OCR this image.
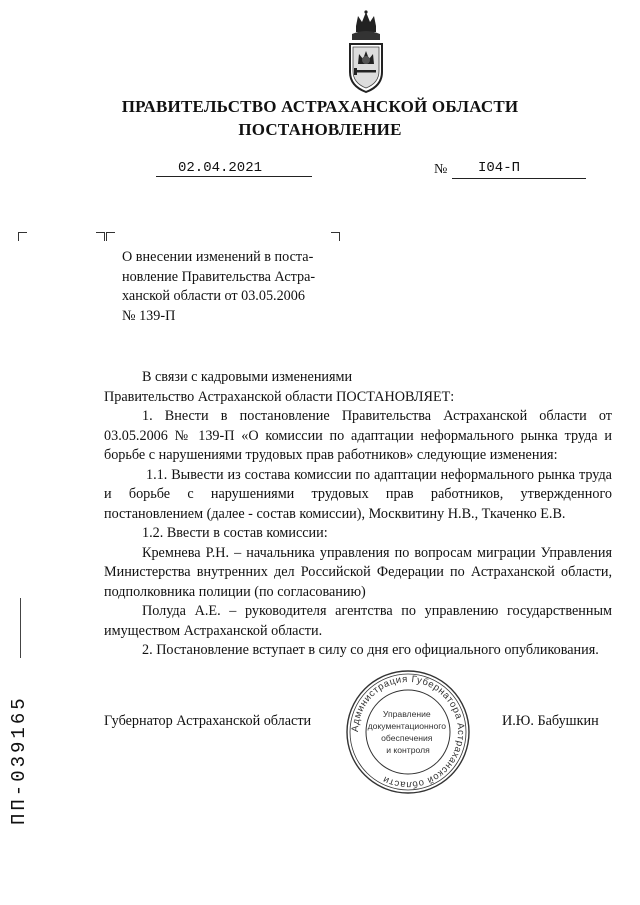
ПРАВИТЕЛЬСТВО АСТРАХАНСКОЙ ОБЛАСТИ
ПОСТАНОВЛЕНИЕ
02.04.2021	№ I04-П
О внесении изменений в поста-
новление Правительства Астра-
ханской области от 03.05.2006
№ 139-П

В связи с кадровыми изменениями

Правительство Астраханской области ПОСТАНОВЛЯЕТ:

1. Внести в постановление Правительства Астраханской области от 03.05.2006 № 139-П «О комиссии по адаптации неформального рынка труда и борьбе с нарушениями трудовых прав работников» следующие изменения:

1.1. Вывести из состава комиссии по адаптации неформального рынка труда и борьбе с нарушениями трудовых прав работников, утвержденного постановлением (далее - состав комиссии), Москвитину Н.В., Ткаченко Е.В.

1.2. Ввести в состав комиссии:

Кремнева Р.Н. – начальника управления по вопросам миграции Управления Министерства внутренних дел Российской Федерации по Астраханской области, подполковника полиции (по согласованию)

Полуда А.Е. – руководителя агентства по управлению государственным имуществом Астраханской области.

2. Постановление вступает в силу со дня его официального опубликования.

Губернатор Астраханской области	И.Ю. Бабушкин
Администрация Губернатора Астраханской области
Управление документационного обеспечения и контроля
ПП-039165
